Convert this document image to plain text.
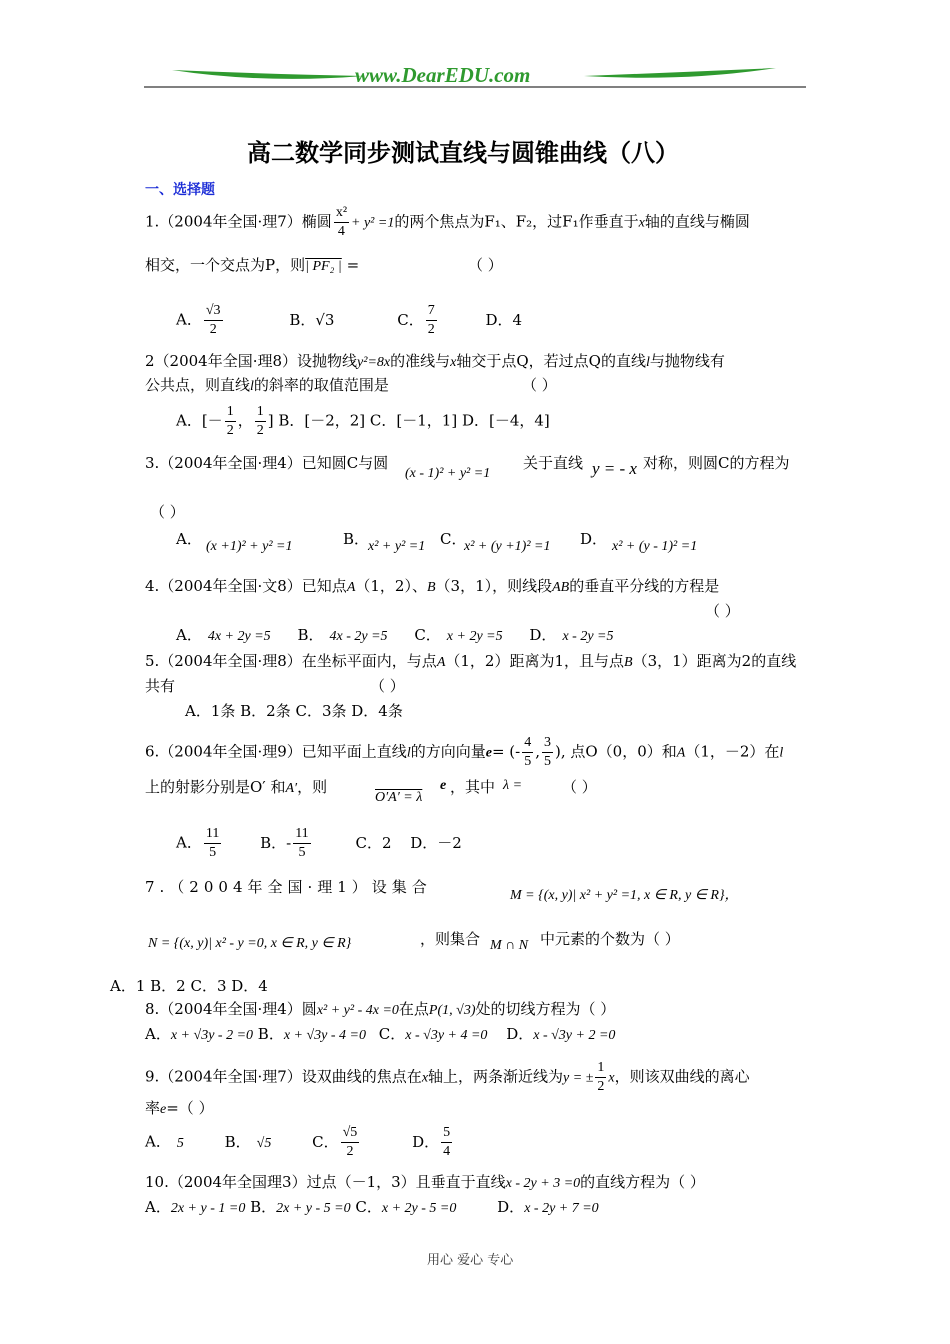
www.DearEDU.com
高二数学同步测试直线与圆锥曲线（八）
一、选择题
1.（2004年全国·理7）椭圆 $\frac{\text{x²}}{4} + y^2 =1$的两个焦点为F₁、F₂，过F₁作垂直于x轴的直线与椭圆
相交，一个交点为P，则| PF₂ | =	（ ）
A． $\frac{√3}{2}$	B．√3	C． $\frac{7}{2}$	D．4
2（2004年全国·理8）设抛物线y²=8x的准线与x轴交于点Q，若过点Q的直线l与抛物线有
公共点，则直线l的斜率的取值范围是	（ ）
A．[－ $\frac{1}{2}$ ， $\frac{1}{2}$ ] B．[－2，2] C．[－1，1] D．[－4，4]
3.（2004年全国·理4）已知圆C与圆
(x - 1)² + y² =1
关于直线 y = - x 对称，则圆C的方程为
（ ）
A． (x +1)² + y² =1	B．
x² + y² =1 C．
x² + (y +1)² =1 D． x² + (y - 1)² =1
4.（2004年全国·文8）已知点A（1，2）、B（3，1），则线段AB的垂直平分线的方程是
（ ）
A． 4x + 2y =5 B． 4x - 2y =5 C． x + 2y =5 D． x - 2y =5
5.（2004年全国·理8）在坐标平面内，与点A（1，2）距离为1，且与点B（3，1）距离为2的直线
共有	（ ）
A．1条 B．2条 C．3条 D．4条
6.（2004年全国·理9）已知平面上直线l的方向向量e= (- $\frac{4}{5}$ , $\frac{3}{5}$ ), 点O（0，0）和A（1，－2）在l
上的射影分别是O′ 和A′，则
O′A′ = λ
e ，其中 λ =	（ ）
A． $\frac{11}{5}$	B．- $\frac{11}{5}$	C．2 D．－2
7.（2004年全国·理1）设集合	M = {(x, y)| x² + y² =1, x ∈ R, y ∈ R}，
N = {(x, y)| x² - y =0, x ∈ R, y ∈ R}	，则集合 M ∩ N 中元素的个数为（ ）
A．1 B．2 C．3 D．4
8.（2004年全国·理4）圆x² + y² - 4x =0在点P(1, √3)处的切线方程为（ ）
A．x + √3y - 2 =0 B．x + √3y - 4 =0 C．x - √3y + 4 =0 D．x - √3y + 2 =0
9.（2004年全国·理7）设双曲线的焦点在x轴上，两条渐近线为y = ± $\frac{1}{2}$ x，则该双曲线的离心
率e=（ ）
A． 5	B． √5	C． $\frac{√5}{2}$	D． $\frac{5}{4}$
10.（2004年全国理3）过点（－1，3）且垂直于直线x - 2y + 3 =0的直线方程为（ ）
A．2x + y - 1 =0 B．2x + y - 5 =0 C．x + 2y - 5 =0	D．x - 2y + 7 =0
用心 爱心 专心
